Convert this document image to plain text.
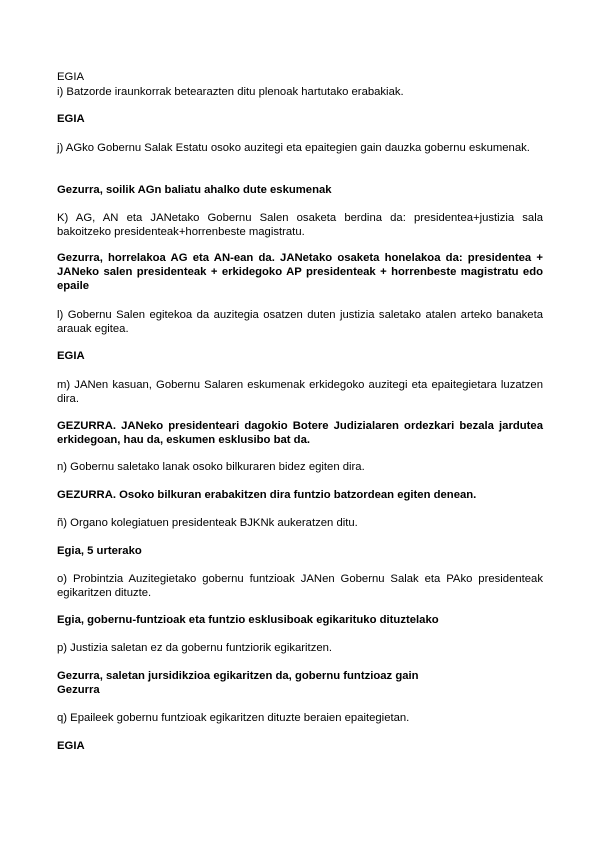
EGIA

i) Batzorde iraunkorrak betearazten ditu plenoak hartutako erabakiak.

EGIA

j) AGko Gobernu Salak Estatu osoko auzitegi eta epaitegien gain dauzka gobernu eskumenak.

Gezurra, soilik AGn baliatu ahalko dute eskumenak

K) AG, AN eta JANetako Gobernu Salen osaketa berdina da: presidentea+justizia sala bakoitzeko presidenteak+horrenbeste magistratu.

Gezurra, horrelakoa AG eta AN-ean da. JANetako osaketa honelakoa da: presidentea + JANeko salen presidenteak + erkidegoko AP presidenteak + horrenbeste magistratu edo epaile

l) Gobernu Salen egitekoa da auzitegia osatzen duten justizia saletako atalen arteko banaketa arauak egitea.

EGIA

m) JANen kasuan, Gobernu Salaren eskumenak erkidegoko auzitegi eta epaitegietara luzatzen dira.

GEZURRA. JANeko presidenteari dagokio Botere Judizialaren ordezkari bezala jardutea erkidegoan, hau da, eskumen esklusibo bat da.

n) Gobernu saletako lanak osoko bilkuraren bidez egiten dira.

GEZURRA. Osoko bilkuran erabakitzen dira funtzio batzordean egiten denean.

ñ) Organo kolegiatuen presidenteak BJKNk aukeratzen ditu.

Egia, 5 urterako

o) Probintzia Auzitegietako gobernu funtzioak JANen Gobernu Salak eta PAko presidenteak egikaritzen dituzte.

Egia, gobernu-funtzioak eta funtzio esklusiboak egikarituko dituztelako

p) Justizia saletan ez da gobernu funtziorik egikaritzen.

Gezurra, saletan jursidikzioa egikaritzen da, gobernu funtzioaz gain

Gezurra

q) Epaileek gobernu funtzioak egikaritzen dituzte beraien epaitegietan.

EGIA
